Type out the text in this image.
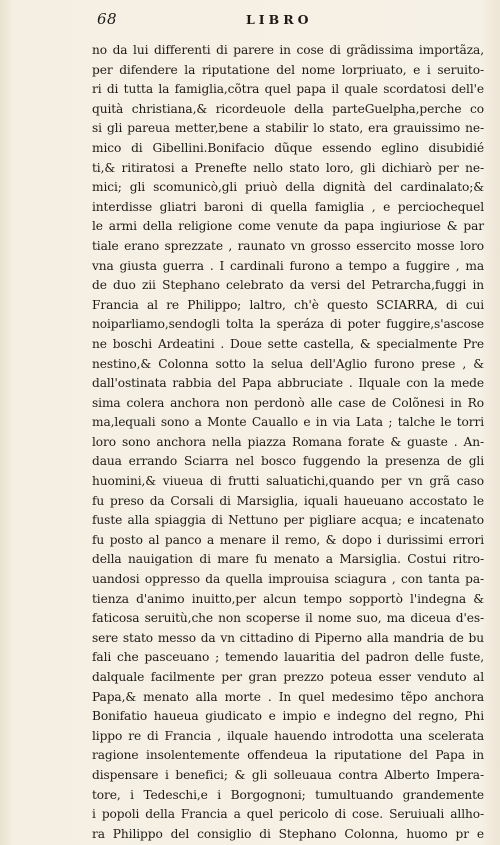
68	LIBRO
no da lui differenti di parere in cose di grãdissima importãza,
per difendere la riputatione del nome lorpriuato, e i seruito-
ri di tutta la famiglia,cõtra quel papa il quale scordatosi dell'e
quità christiana,& ricordeuole della parteGuelpha,perche co
si gli pareua metter,bene a stabilir lo stato, era grauissimo ne-
mico di Gibellini.Bonifacio dũque essendo eglino disubidié
ti,& ritiratosi a Prenefte nello stato loro, gli dichiarò per ne-
mici; gli scomunicò,gli priuò della dignità del cardinalato;&
interdisse gliatri baroni di quella famiglia , e perciochequel
le armi della religione come venute da papa ingiuriose & par
tiale erano sprezzate , raunato vn grosso essercito mosse loro
vna giusta guerra . I cardinali furono a tempo a fuggire , ma
de duo zii Stephano celebrato da versi del Petrarcha,fuggi in
Francia al re Philippo; laltro, ch'è questo SCIARRA, di cui
noiparliamo,sendogli tolta la speráza di poter fuggire,s'ascose
ne boschi Ardeatini . Doue sette castella, & specialmente Pre
nestino,& Colonna sotto la selua dell'Aglio furono prese , &
dall'ostinata rabbia del Papa abbruciate . Ilquale con la mede
sima colera anchora non perdonò alle case de Colõnesi in Ro
ma,lequali sono a Monte Cauallo e in via Lata ; talche le torri
loro sono anchora nella piazza Romana forate & guaste . An-
daua errando Sciarra nel bosco fuggendo la presenza de gli
huomini,& viueua di frutti saluatichi,quando per vn grã caso
fu preso da Corsali di Marsiglia, iquali haueuano accostato le
fuste alla spiaggia di Nettuno per pigliare acqua; e incatenato
fu posto al panco a menare il remo, & dopo i durissimi errori
della nauigation di mare fu menato a Marsiglia. Costui ritro-
uandosi oppresso da quella improuisa sciagura , con tanta pa-
tienza d'animo inuitto,per alcun tempo sopportò l'indegna &
faticosa seruitù,che non scoperse il nome suo, ma diceua d'es-
sere stato messo da vn cittadino di Piperno alla mandria de bu
fali che pasceuano ; temendo lauaritia del padron delle fuste,
dalquale facilmente per gran prezzo poteua esser venduto al
Papa,& menato alla morte . In quel medesimo tẽpo anchora
Bonifatio haueua giudicato e impio e indegno del regno, Phi
lippo re di Francia , ilquale hauendo introdotta una scelerata
ragione insolentemente offendeua la riputatione del Papa in
dispensare i benefici; & gli solleuaua contra Alberto Impera-
tore, i Tedeschi,e i Borgognoni; tumultuando grandemente
i popoli della Francia a quel pericolo di cose. Seruiuali allho-
ra Philippo del consiglio di Stephano Colonna, huomo pr e
